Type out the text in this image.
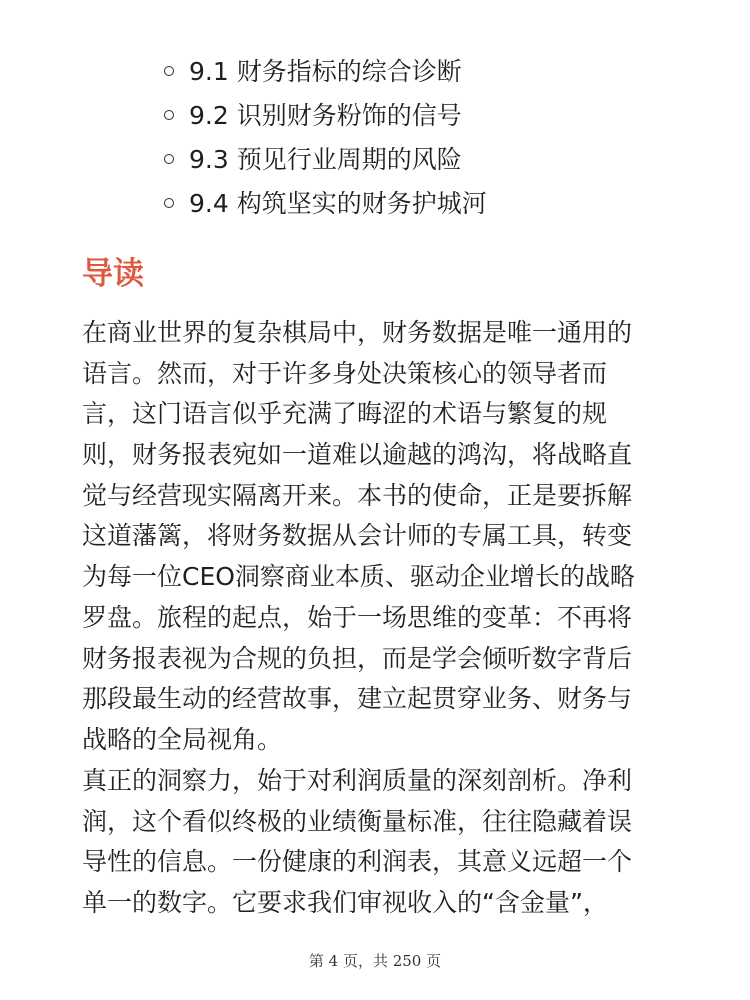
9.1 财务指标的综合诊断
9.2 识别财务粉饰的信号
9.3 预见行业周期的风险
9.4 构筑坚实的财务护城河
导读

在商业世界的复杂棋局中，财务数据是唯一通用的
语言。然而，对于许多身处决策核心的领导者而
言，这门语言似乎充满了晦涩的术语与繁复的规
则，财务报表宛如一道难以逾越的鸿沟，将战略直
觉与经营现实隔离开来。本书的使命，正是要拆解
这道藩篱，将财务数据从会计师的专属工具，转变
为每一位CEO洞察商业本质、驱动企业增长的战略
罗盘。旅程的起点，始于一场思维的变革：不再将
财务报表视为合规的负担，而是学会倾听数字背后
那段最生动的经营故事，建立起贯穿业务、财务与
战略的全局视角。

真正的洞察力，始于对利润质量的深刻剖析。净利
润，这个看似终极的业绩衡量标准，往往隐藏着误
导性的信息。一份健康的利润表，其意义远超一个
单一的数字。它要求我们审视收入的“含金量”，

第 4 页，共 250 页
